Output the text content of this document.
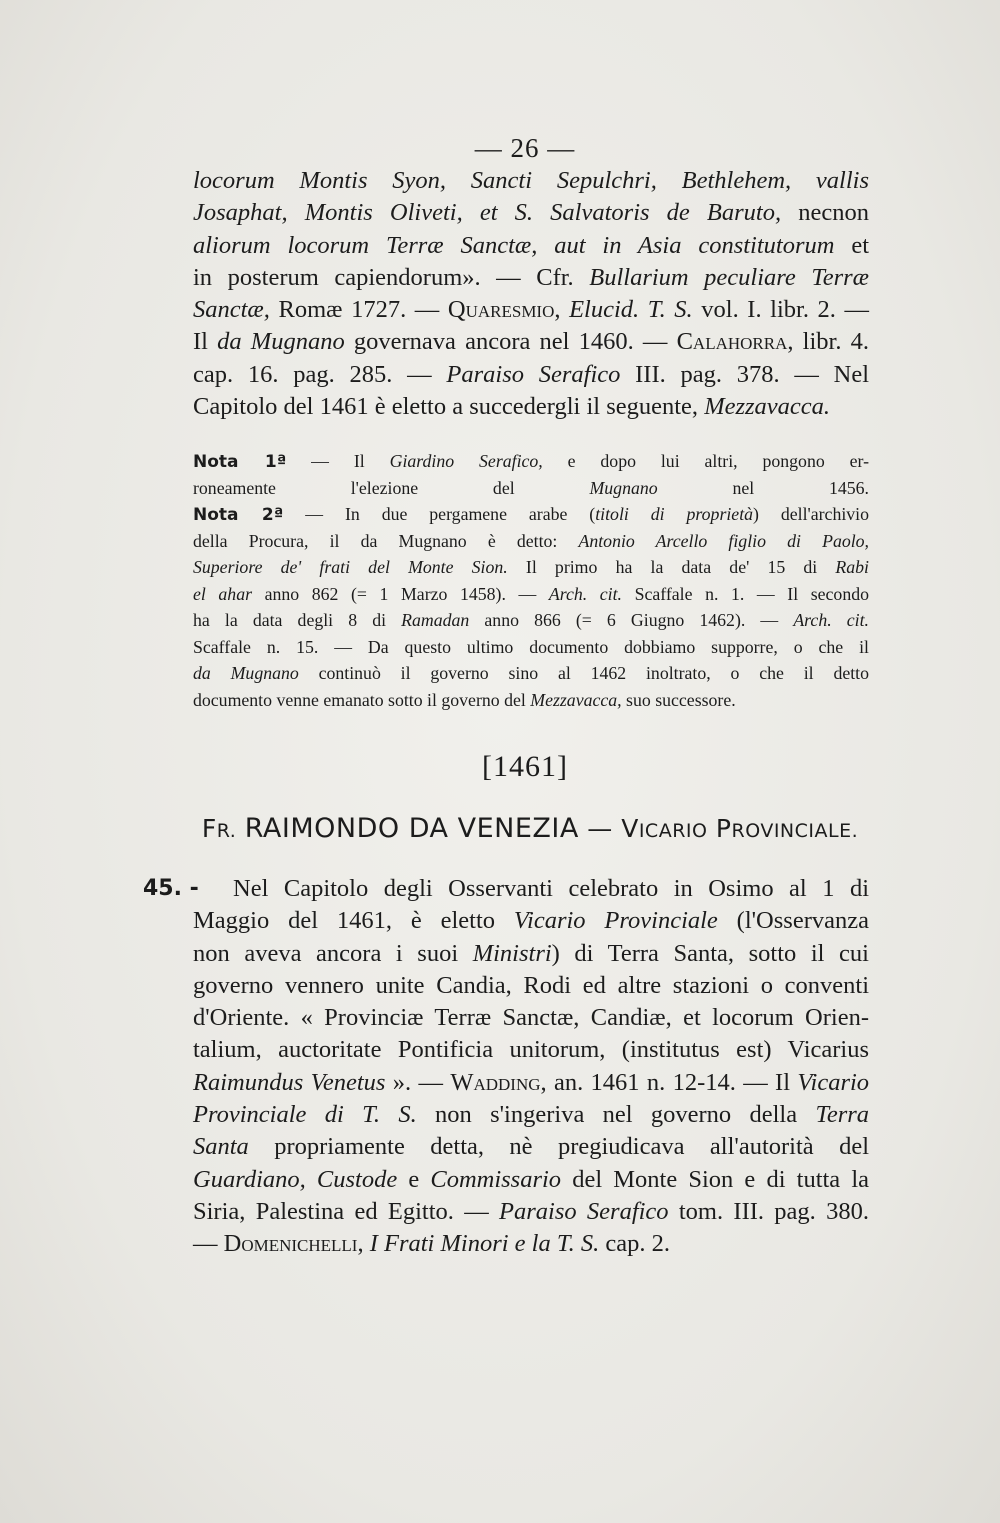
— 26 —
locorum Montis Syon, Sancti Sepulchri, Bethlehem, vallis
Josaphat, Montis Oliveti, et S. Salvatoris de Baruto, necnon
aliorum locorum Terræ Sanctæ, aut in Asia constitutorum et
in posterum capiendorum». — Cfr. Bullarium peculiare Terræ
Sanctæ, Romæ 1727. — Quaresmio, Elucid. T. S. vol. I. libr. 2. —
Il da Mugnano governava ancora nel 1460. — Calahorra, libr. 4.
cap. 16. pag. 285. — Paraiso Serafico III. pag. 378. — Nel
Capitolo del 1461 è eletto a succedergli il seguente, Mezzavacca.
Nota 1ª — Il Giardino Serafico, e dopo lui altri, pongono er-
roneamente l'elezione del Mugnano nel 1456.
Nota 2ª — In due pergamene arabe (titoli di proprietà) dell'archivio
della Procura, il da Mugnano è detto: Antonio Arcello figlio di Paolo,
Superiore de' frati del Monte Sion. Il primo ha la data de' 15 di Rabi
el ahar anno 862 (= 1 Marzo 1458). — Arch. cit. Scaffale n. 1. — Il secondo
ha la data degli 8 di Ramadan anno 866 (= 6 Giugno 1462). — Arch. cit.
Scaffale n. 15. — Da questo ultimo documento dobbiamo supporre, o che il
da Mugnano continuò il governo sino al 1462 inoltrato, o che il detto
documento venne emanato sotto il governo del Mezzavacca, suo successore.
[1461]
FR. RAIMONDO DA VENEZIA — VICARIO PROVINCIALE.
45. -	Nel Capitolo degli Osservanti celebrato in Osimo al 1 di
Maggio del 1461, è eletto Vicario Provinciale (l'Osservanza
non aveva ancora i suoi Ministri) di Terra Santa, sotto il cui
governo vennero unite Candia, Rodi ed altre stazioni o conventi
d'Oriente. « Provinciæ Terræ Sanctæ, Candiæ, et locorum Orien-
talium, auctoritate Pontificia unitorum, (institutus est) Vicarius
Raimundus Venetus ». — Wadding, an. 1461 n. 12-14. — Il Vicario
Provinciale di T. S. non s'ingeriva nel governo della Terra
Santa propriamente detta, nè pregiudicava all'autorità del
Guardiano, Custode e Commissario del Monte Sion e di tutta la
Siria, Palestina ed Egitto. — Paraiso Serafico tom. III. pag. 380.
— Domenichelli, I Frati Minori e la T. S. cap. 2.
